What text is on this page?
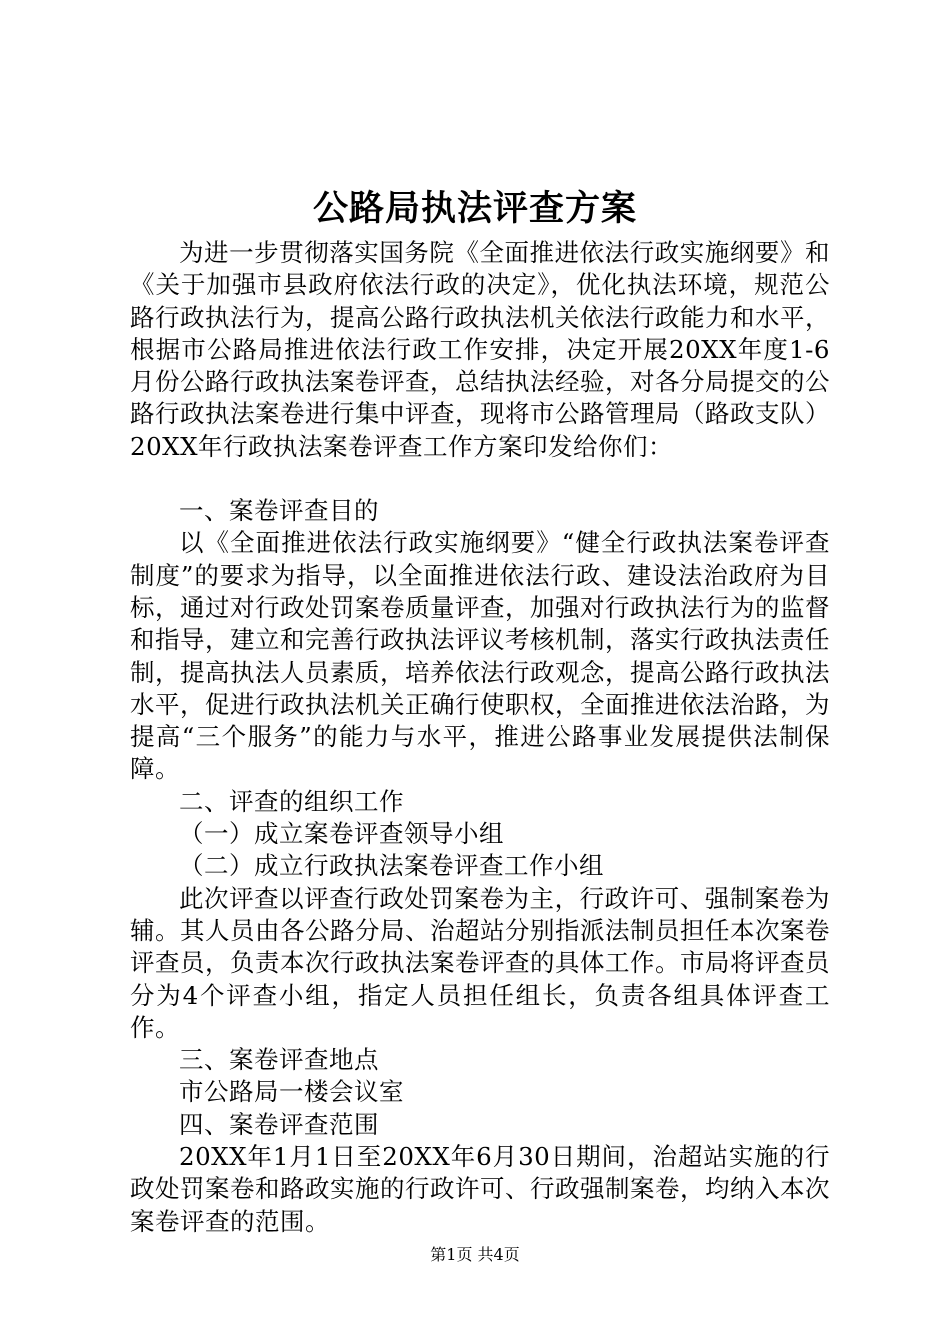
公路局执法评查方案

为进一步贯彻落实国务院《全面推进依法行政实施纲要》和《关于加强市县政府依法行政的决定》，优化执法环境，规范公路行政执法行为，提高公路行政执法机关依法行政能力和水平，根据市公路局推进依法行政工作安排，决定开展20XX年度1-6月份公路行政执法案卷评查，总结执法经验，对各分局提交的公路行政执法案卷进行集中评查，现将市公路管理局（路政支队）20XX年行政执法案卷评查工作方案印发给你们：

一、案卷评查目的

以《全面推进依法行政实施纲要》“健全行政执法案卷评查制度”的要求为指导，以全面推进依法行政、建设法治政府为目标，通过对行政处罚案卷质量评查，加强对行政执法行为的监督和指导，建立和完善行政执法评议考核机制，落实行政执法责任制，提高执法人员素质，培养依法行政观念，提高公路行政执法水平，促进行政执法机关正确行使职权，全面推进依法治路，为提高“三个服务”的能力与水平，推进公路事业发展提供法制保障。

二、评查的组织工作

（一）成立案卷评查领导小组

（二）成立行政执法案卷评查工作小组

此次评查以评查行政处罚案卷为主，行政许可、强制案卷为辅。其人员由各公路分局、治超站分别指派法制员担任本次案卷评查员，负责本次行政执法案卷评查的具体工作。市局将评查员分为4个评查小组，指定人员担任组长，负责各组具体评查工作。

三、案卷评查地点

市公路局一楼会议室

四、案卷评查范围

20XX年1月1日至20XX年6月30日期间，治超站实施的行政处罚案卷和路政实施的行政许可、行政强制案卷，均纳入本次案卷评查的范围。

第1页 共4页
